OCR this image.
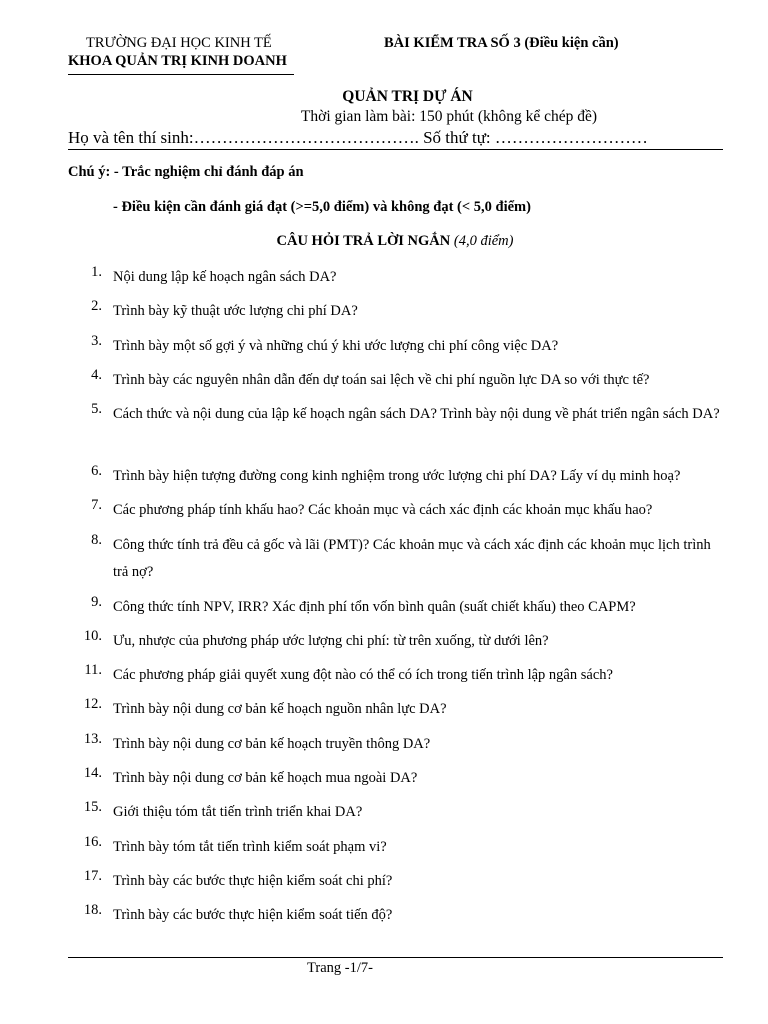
TRƯỜNG ĐẠI HỌC KINH TẾ
KHOA QUẢN TRỊ KINH DOANH
BÀI KIỂM TRA SỐ 3 (Điều kiện cần)
QUẢN TRỊ DỰ ÁN
Thời gian làm bài: 150 phút (không kể chép đề)
Họ và tên thí sinh:…………………………………. Số thứ tự: ………………………
Chú ý: - Trắc nghiệm chỉ đánh đáp án
- Điều kiện cần đánh giá đạt (>=5,0 điểm) và không đạt (< 5,0 điểm)
CÂU HỎI TRẢ LỜI NGẮN (4,0 điểm)
1. Nội dung lập kế hoạch ngân sách DA?
2. Trình bày kỹ thuật ước lượng chi phí DA?
3. Trình bày một số gợi ý và những chú ý khi ước lượng chi phí công việc DA?
4. Trình bày các nguyên nhân dẫn đến dự toán sai lệch về chi phí nguồn lực DA so với thực tế?
5. Cách thức và nội dung của lập kế hoạch ngân sách DA? Trình bày nội dung về phát triển ngân sách DA?
6. Trình bày hiện tượng đường cong kinh nghiệm trong ước lượng chi phí DA? Lấy ví dụ minh hoạ?
7. Các phương pháp tính khấu hao? Các khoản mục và cách xác định các khoản mục khấu hao?
8. Công thức tính trả đều cả gốc và lãi (PMT)? Các khoản mục và cách xác định các khoản mục lịch trình trả nợ?
9. Công thức tính NPV, IRR? Xác định phí tổn vốn bình quân (suất chiết khấu) theo CAPM?
10. Ưu, nhược của phương pháp ước lượng chi phí: từ trên xuống, từ dưới lên?
11. Các phương pháp giải quyết xung đột nào có thể có ích trong tiến trình lập ngân sách?
12. Trình bày nội dung cơ bản kế hoạch nguồn nhân lực DA?
13. Trình bày nội dung cơ bản kế hoạch truyền thông DA?
14. Trình bày nội dung cơ bản kế hoạch mua ngoài DA?
15. Giới thiệu tóm tắt tiến trình triển khai DA?
16. Trình bày tóm tắt tiến trình kiểm soát phạm vi?
17. Trình bày các bước thực hiện kiểm soát chi phí?
18. Trình bày các bước thực hiện kiểm soát tiến độ?
Trang -1/7-
